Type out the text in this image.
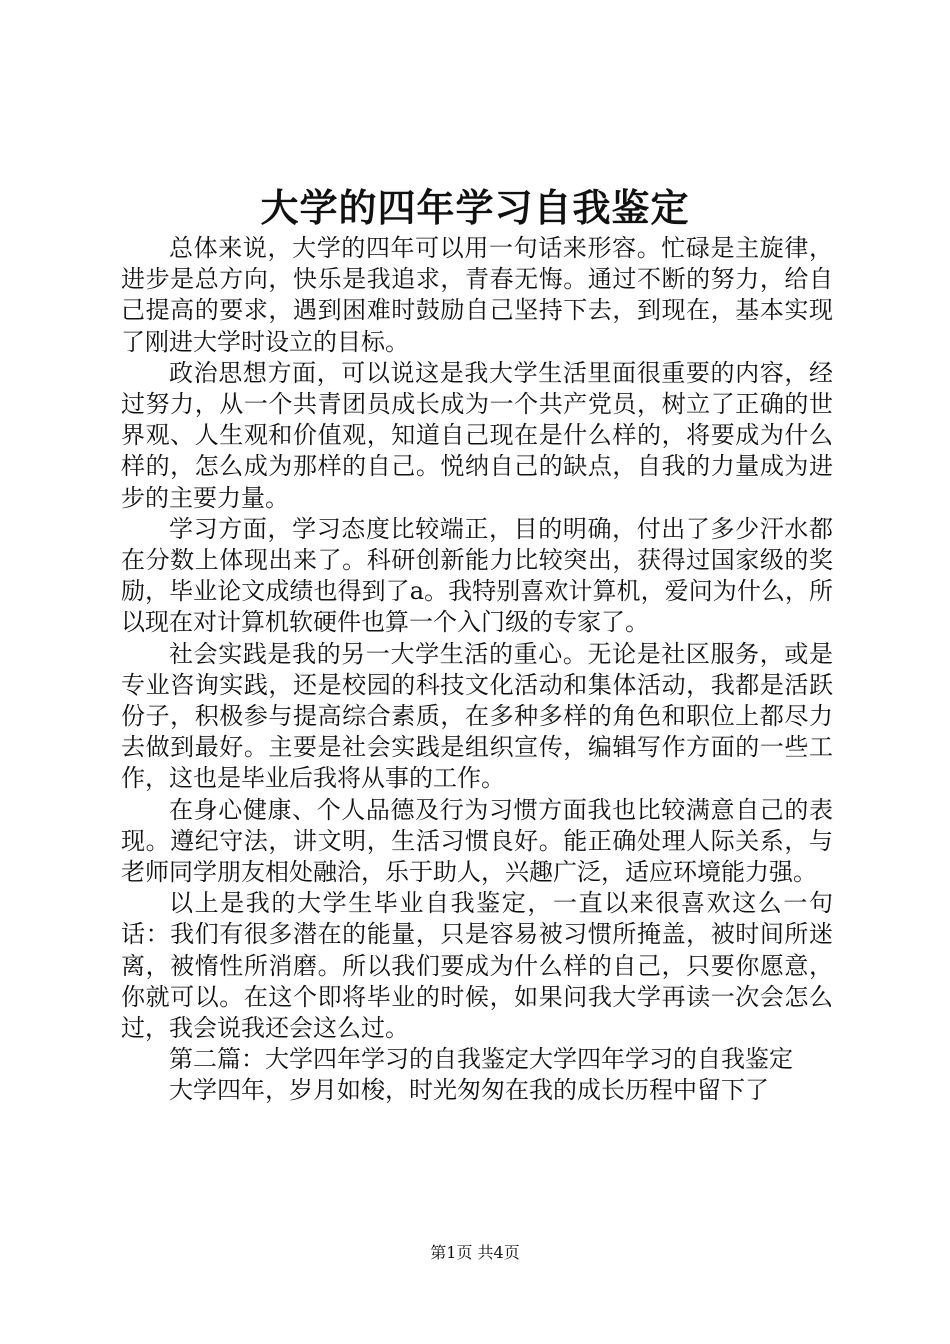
大学的四年学习自我鉴定

总体来说，大学的四年可以用一句话来形容。忙碌是主旋律，进步是总方向，快乐是我追求，青春无悔。通过不断的努力，给自己提高的要求，遇到困难时鼓励自己坚持下去，到现在，基本实现了刚进大学时设立的目标。

政治思想方面，可以说这是我大学生活里面很重要的内容，经过努力，从一个共青团员成长成为一个共产党员，树立了正确的世界观、人生观和价值观，知道自己现在是什么样的，将要成为什么样的，怎么成为那样的自己。悦纳自己的缺点，自我的力量成为进步的主要力量。

学习方面，学习态度比较端正，目的明确，付出了多少汗水都在分数上体现出来了。科研创新能力比较突出，获得过国家级的奖励，毕业论文成绩也得到了a。我特别喜欢计算机，爱问为什么，所以现在对计算机软硬件也算一个入门级的专家了。

社会实践是我的另一大学生活的重心。无论是社区服务，或是专业咨询实践，还是校园的科技文化活动和集体活动，我都是活跃份子，积极参与提高综合素质，在多种多样的角色和职位上都尽力去做到最好。主要是社会实践是组织宣传，编辑写作方面的一些工作，这也是毕业后我将从事的工作。

在身心健康、个人品德及行为习惯方面我也比较满意自己的表现。遵纪守法，讲文明，生活习惯良好。能正确处理人际关系，与老师同学朋友相处融洽，乐于助人，兴趣广泛，适应环境能力强。

以上是我的大学生毕业自我鉴定，一直以来很喜欢这么一句话：我们有很多潜在的能量，只是容易被习惯所掩盖，被时间所迷离，被惰性所消磨。所以我们要成为什么样的自己，只要你愿意，你就可以。在这个即将毕业的时候，如果问我大学再读一次会怎么过，我会说我还会这么过。

第二篇：大学四年学习的自我鉴定大学四年学习的自我鉴定

大学四年，岁月如梭，时光匆匆在我的成长历程中留下了

第1页 共4页
